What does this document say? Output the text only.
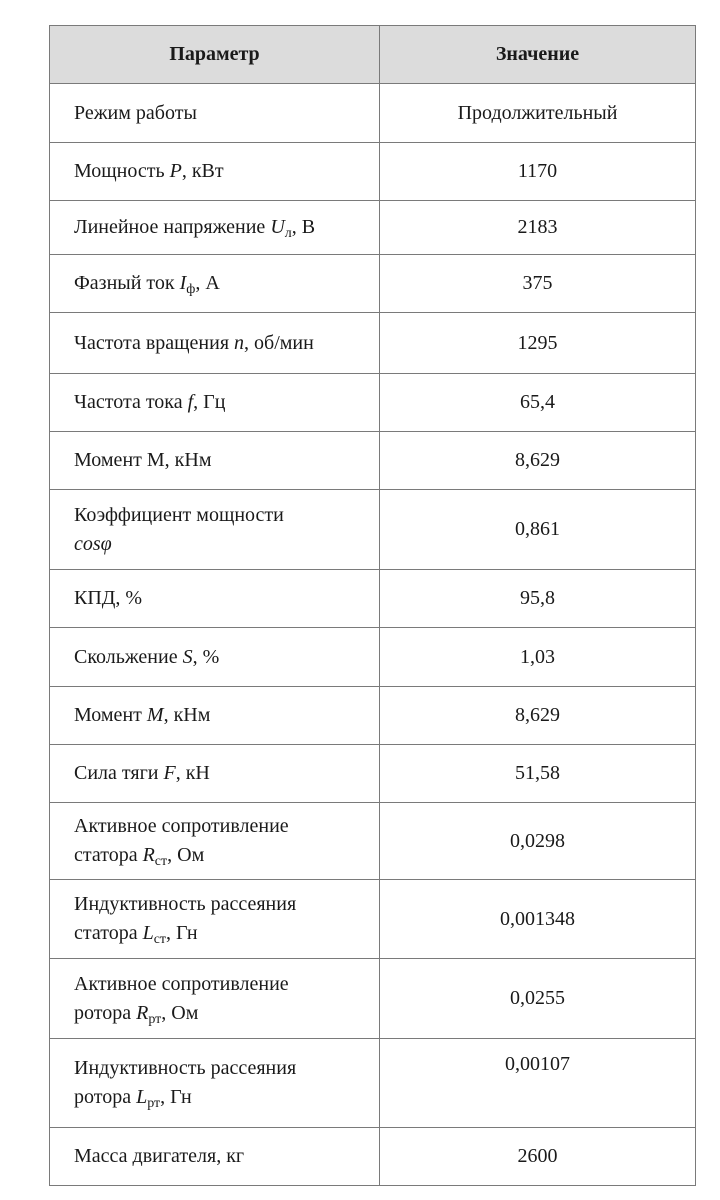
Параметр	Значение
Режим работы	Продолжительный
Мощность P, кВт	1170
Линейное напряжение $U_л$, В	2183
Фазный ток $I_ф$, А	375
Частота вращения n, об/мин	1295
Частота тока f, Гц	65,4
Момент М, кНм	8,629
Коэффициент мощности
cosφ	0,861
КПД, %	95,8
Скольжение S, %	1,03
Момент M, кНм	8,629
Сила тяги F, кН	51,58
Активное сопротивление
статора $R_{ст}$, Ом	0,0298
Индуктивность рассеяния
статора $L_{ст}$, Гн	0,001348
Активное сопротивление
ротора $R_{рт}$, Ом	0,0255
Индуктивность рассеяния
ротора $L_{рт}$, Гн	0,00107
Масса двигателя, кг	2600
